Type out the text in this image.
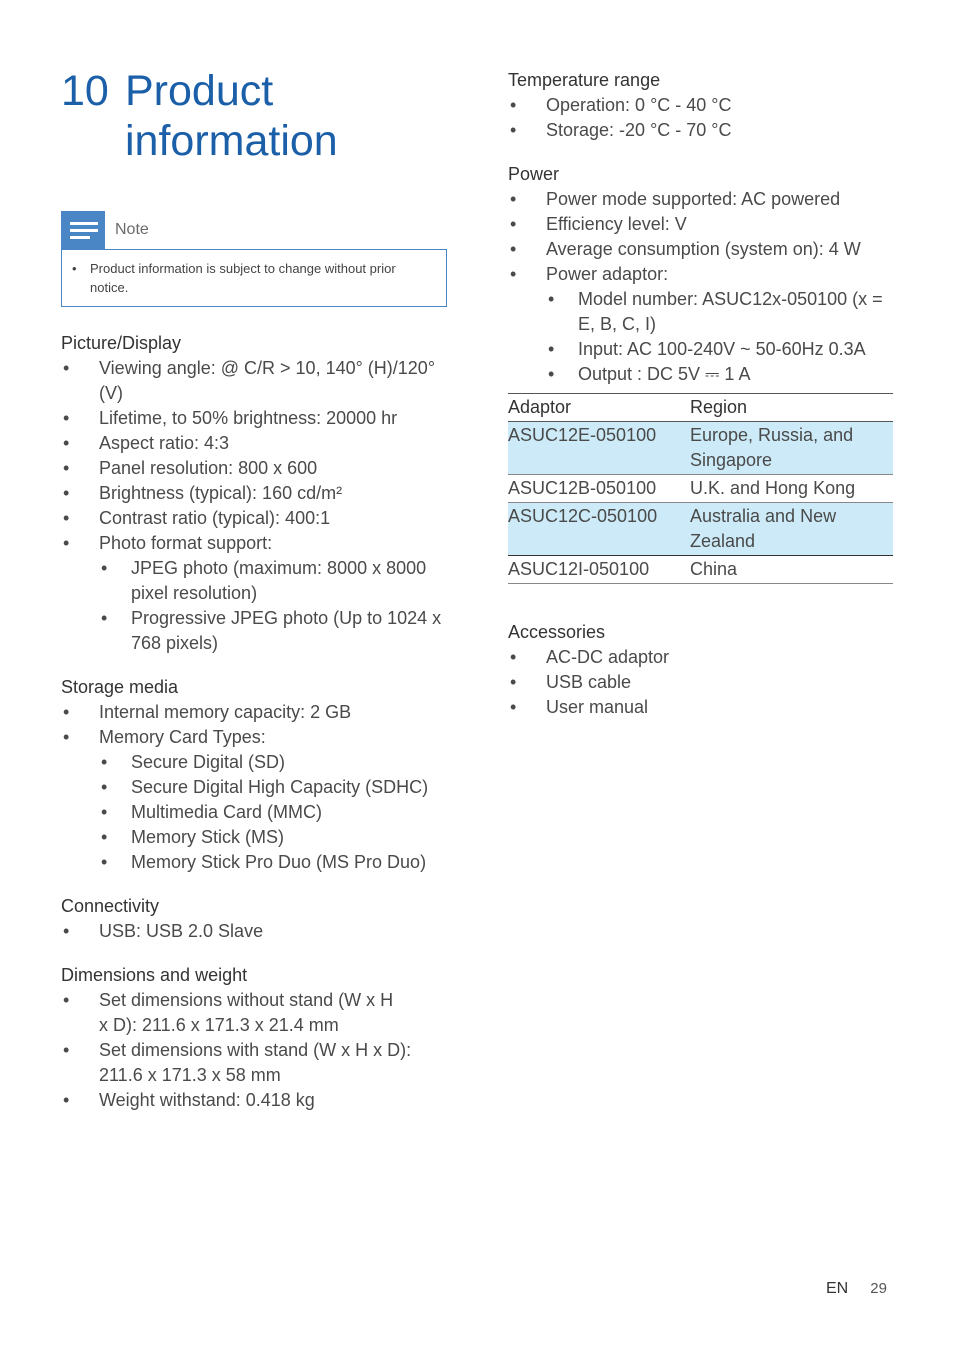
10 Product
information
Note
• Product information is subject to change without prior notice.
Picture/Display
• Viewing angle: @ C/R > 10, 140° (H)/120° (V)
• Lifetime, to 50% brightness: 20000 hr
• Aspect ratio: 4:3
• Panel resolution: 800 x 600
• Brightness (typical): 160 cd/m²
• Contrast ratio (typical): 400:1
• Photo format support:
• JPEG photo (maximum: 8000 x 8000 pixel resolution)
• Progressive JPEG photo (Up to 1024 x 768 pixels)
Storage media
• Internal memory capacity: 2 GB
• Memory Card Types:
• Secure Digital (SD)
• Secure Digital High Capacity (SDHC)
• Multimedia Card (MMC)
• Memory Stick (MS)
• Memory Stick Pro Duo (MS Pro Duo)
Connectivity
• USB: USB 2.0 Slave
Dimensions and weight
• Set dimensions without stand (W x H x D): 211.6 x 171.3 x 21.4 mm
• Set dimensions with stand (W x H x D): 211.6 x 171.3 x 58 mm
• Weight withstand: 0.418 kg
Temperature range
• Operation: 0 °C - 40 °C
• Storage: -20 °C - 70 °C
Power
• Power mode supported: AC powered
• Efficiency level: V
• Average consumption (system on): 4 W
• Power adaptor:
• Model number: ASUC12x-050100 (x = E, B, C, I)
• Input: AC 100-240V ~ 50-60Hz 0.3A
• Output : DC 5V ⎓ 1 A
Adaptor	Region
ASUC12E-050100	Europe, Russia, and Singapore
ASUC12B-050100	U.K. and Hong Kong
ASUC12C-050100	Australia and New Zealand
ASUC12I-050100	China
Accessories
• AC-DC adaptor
• USB cable
• User manual
EN 29
